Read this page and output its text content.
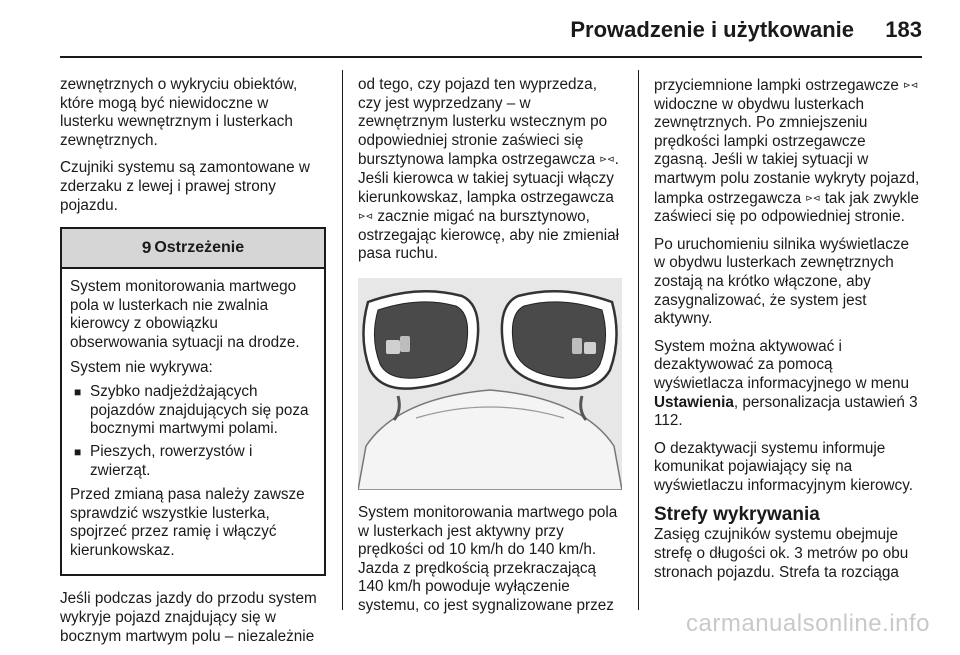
Prowadzenie i użytkowanie 183

zewnętrznych o wykryciu obiektów, które mogą być niewidoczne w lusterku wewnętrznym i lusterkach zewnętrznych.

Czujniki systemu są zamontowane w zderzaku z lewej i prawej strony pojazdu.

9 Ostrzeżenie

System monitorowania martwego pola w lusterkach nie zwalnia kierowcy z obowiązku obserwowania sytuacji na drodze.

System nie wykrywa:

■ Szybko nadjeżdżających pojazdów znajdujących się poza bocznymi martwymi polami.
■ Pieszych, rowerzystów i zwierząt.

Przed zmianą pasa należy zawsze sprawdzić wszystkie lusterka, spojrzeć przez ramię i włączyć kierunkowskaz.

Jeśli podczas jazdy do przodu system wykryje pojazd znajdujący się w bocznym martwym polu – niezależnie

od tego, czy pojazd ten wyprzedza, czy jest wyprzedzany – w zewnętrznym lusterku wstecznym po odpowiedniej stronie zaświeci się bursztynowa lampka ostrzegawcza ⊳⊲. Jeśli kierowca w takiej sytuacji włączy kierunkowskaz, lampka ostrzegawcza ⊳⊲ zacznie migać na bursztynowo, ostrzegając kierowcę, aby nie zmieniał pasa ruchu.

System monitorowania martwego pola w lusterkach jest aktywny przy prędkości od 10 km/h do 140 km/h. Jazda z prędkością przekraczającą 140 km/h powoduje wyłączenie systemu, co jest sygnalizowane przez

przyciemnione lampki ostrzegawcze ⊳⊲ widoczne w obydwu lusterkach zewnętrznych. Po zmniejszeniu prędkości lampki ostrzegawcze zgasną. Jeśli w takiej sytuacji w martwym polu zostanie wykryty pojazd, lampka ostrzegawcza ⊳⊲ tak jak zwykle zaświeci się po odpowiedniej stronie.

Po uruchomieniu silnika wyświetlacze w obydwu lusterkach zewnętrznych zostają na krótko włączone, aby zasygnalizować, że system jest aktywny.

System można aktywować i dezaktywować za pomocą wyświetlacza informacyjnego w menu Ustawienia, personalizacja ustawień 3 112.

O dezaktywacji systemu informuje komunikat pojawiający się na wyświetlaczu informacyjnym kierowcy.

Strefy wykrywania

Zasięg czujników systemu obejmuje strefę o długości ok. 3 metrów po obu stronach pojazdu. Strefa ta rozciąga

carmanualsonline.info
